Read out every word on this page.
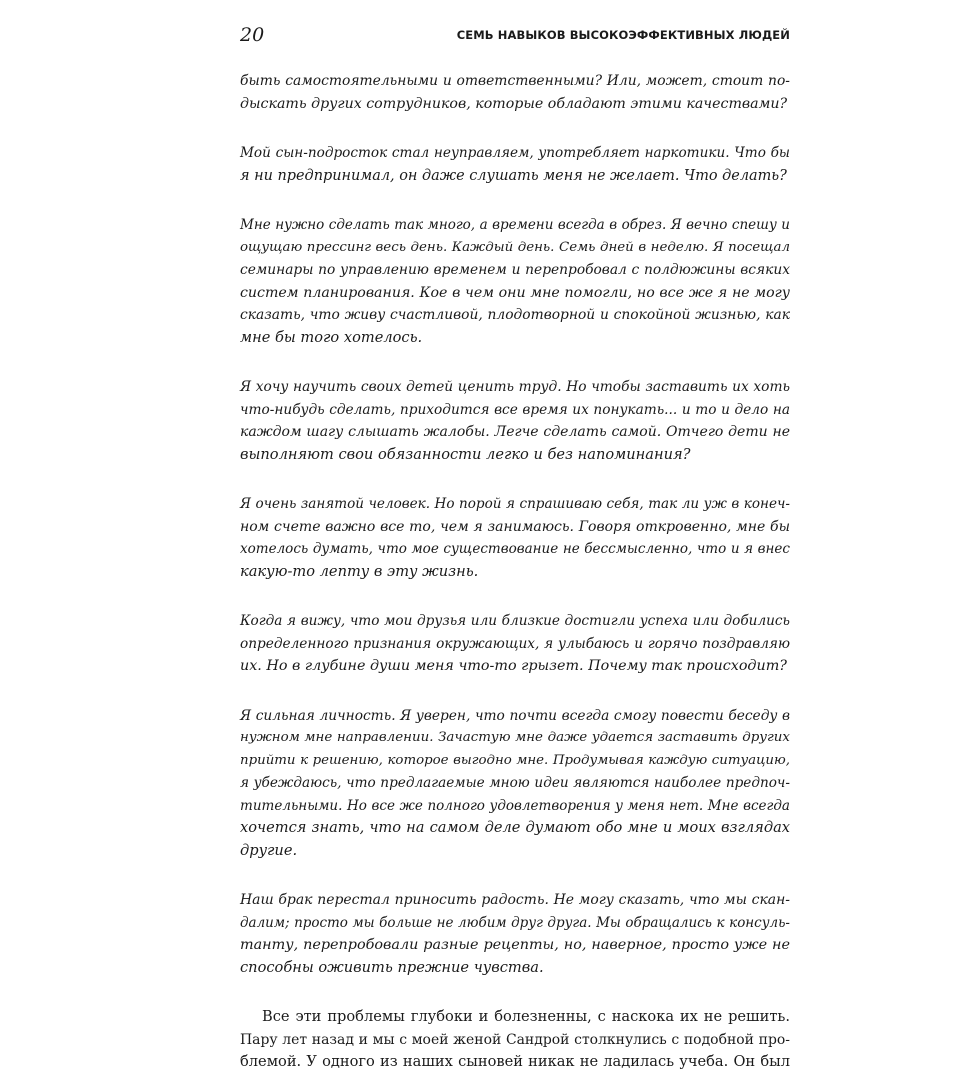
20	СЕМЬ НАВЫКОВ ВЫСОКОЭФФЕКТИВНЫХ ЛЮДЕЙ
быть самостоятельными и ответственными? Или, может, стоит по-
дыскать других сотрудников, которые обладают этими качествами?
Мой сын-подросток стал неуправляем, употребляет наркотики. Что бы
я ни предпринимал, он даже слушать меня не желает. Что делать?
Мне нужно сделать так много, а времени всегда в обрез. Я вечно спешу и
ощущаю прессинг весь день. Каждый день. Семь дней в неделю. Я посещал
семинары по управлению временем и перепробовал с полдюжины всяких
систем планирования. Кое в чем они мне помогли, но все же я не могу
сказать, что живу счастливой, плодотворной и спокойной жизнью, как
мне бы того хотелось.
Я хочу научить своих детей ценить труд. Но чтобы заставить их хоть
что-нибудь сделать, приходится все время их понукать... и то и дело на
каждом шагу слышать жалобы. Легче сделать самой. Отчего дети не
выполняют свои обязанности легко и без напоминания?
Я очень занятой человек. Но порой я спрашиваю себя, так ли уж в конеч-
ном счете важно все то, чем я занимаюсь. Говоря откровенно, мне бы
хотелось думать, что мое существование не бессмысленно, что и я внес
какую-то лепту в эту жизнь.
Когда я вижу, что мои друзья или близкие достигли успеха или добились
определенного признания окружающих, я улыбаюсь и горячо поздравляю
их. Но в глубине души меня что-то грызет. Почему так происходит?
Я сильная личность. Я уверен, что почти всегда смогу повести беседу в
нужном мне направлении. Зачастую мне даже удается заставить других
прийти к решению, которое выгодно мне. Продумывая каждую ситуацию,
я убеждаюсь, что предлагаемые мною идеи являются наиболее предпоч-
тительными. Но все же полного удовлетворения у меня нет. Мне всегда
хочется знать, что на самом деле думают обо мне и моих взглядах
другие.
Наш брак перестал приносить радость. Не могу сказать, что мы скан-
далим; просто мы больше не любим друг друга. Мы обращались к консуль-
танту, перепробовали разные рецепты, но, наверное, просто уже не
способны оживить прежние чувства.
Все эти проблемы глубоки и болезненны, с наскока их не решить.
Пару лет назад и мы с моей женой Сандрой столкнулись с подобной про-
блемой. У одного из наших сыновей никак не ладилась учеба. Он был
